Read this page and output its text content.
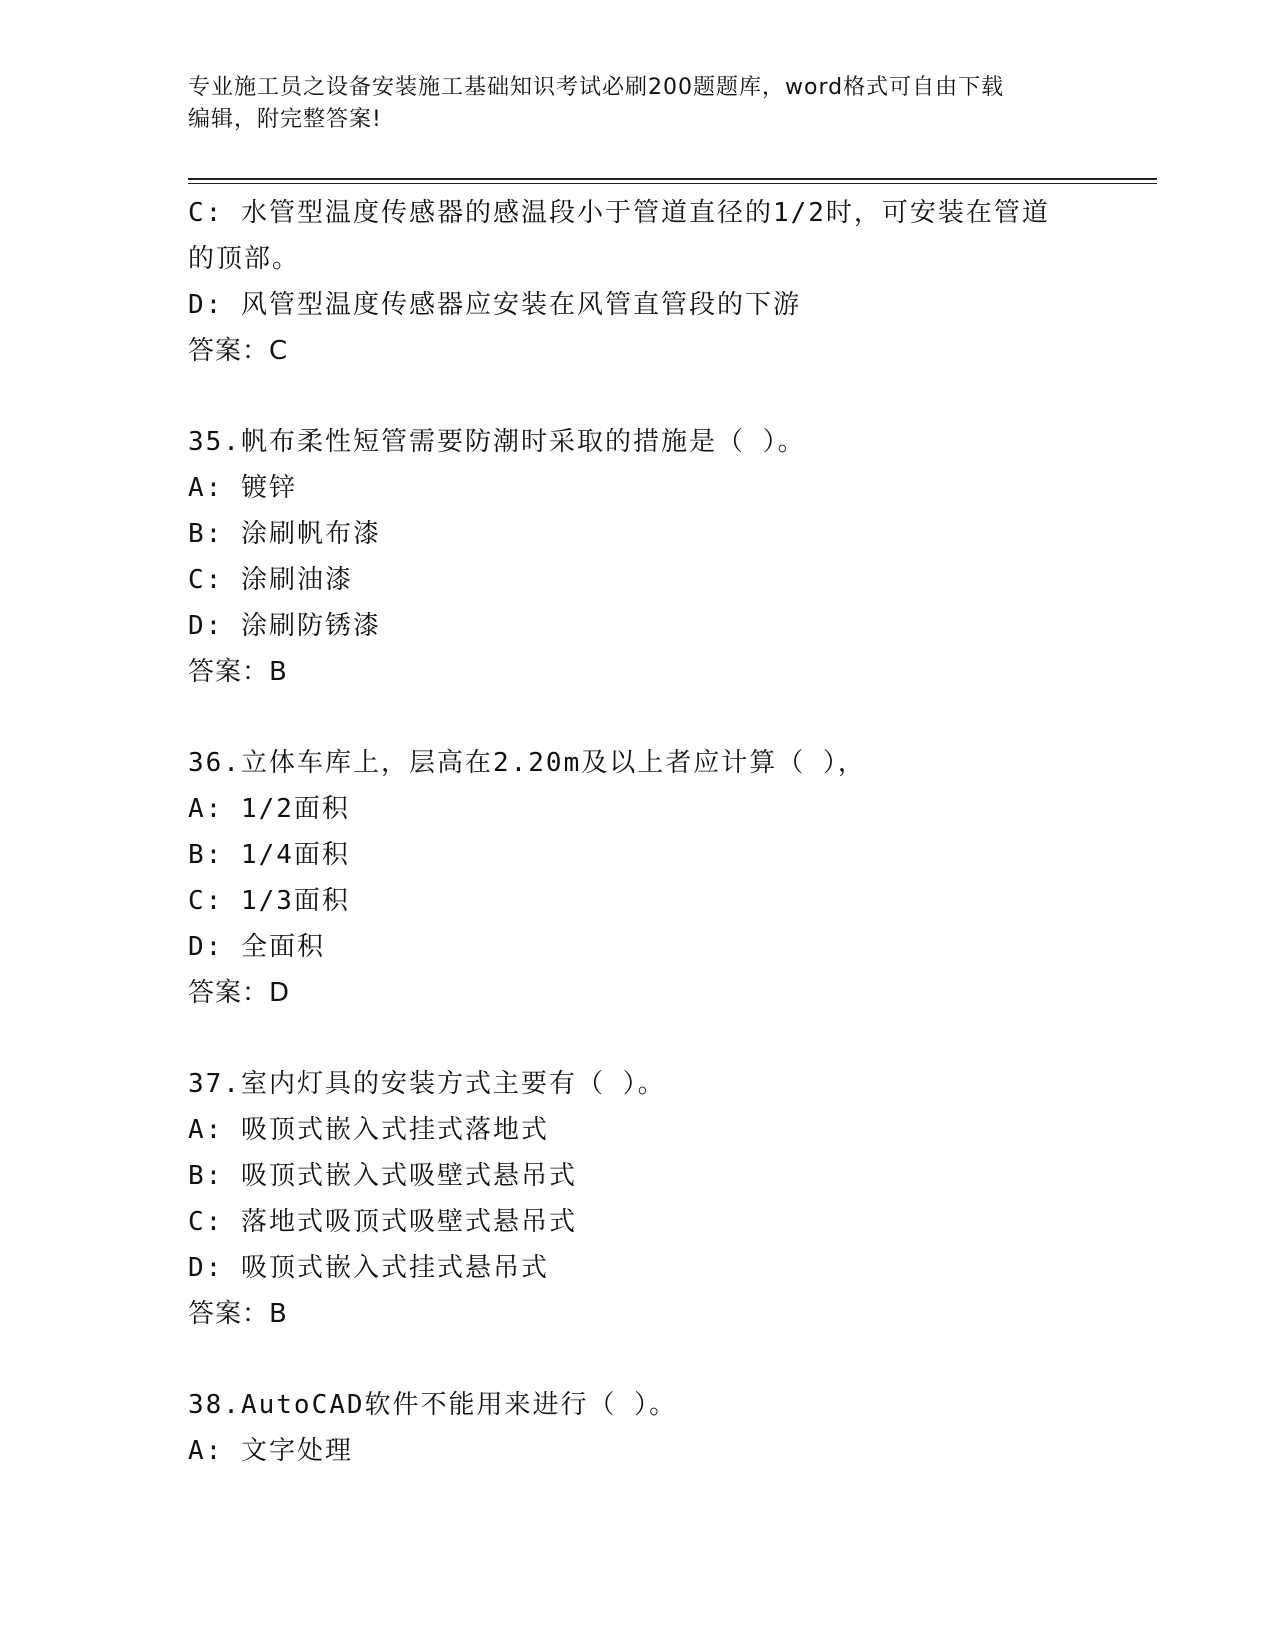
专业施工员之设备安装施工基础知识考试必刷200题题库，word格式可自由下载
编辑，附完整答案!
C: 水管型温度传感器的感温段小于管道直径的1/2时，可安装在管道
的顶部。
D: 风管型温度传感器应安装在风管直管段的下游
答案：C
35.帆布柔性短管需要防潮时采取的措施是（ ）。
A: 镀锌
B: 涂刷帆布漆
C: 涂刷油漆
D: 涂刷防锈漆
答案：B
36.立体车库上，层高在2.20m及以上者应计算（ ），
A: 1/2面积
B: 1/4面积
C: 1/3面积
D: 全面积
答案：D
37.室内灯具的安装方式主要有（ ）。
A: 吸顶式嵌入式挂式落地式
B: 吸顶式嵌入式吸壁式悬吊式
C: 落地式吸顶式吸壁式悬吊式
D: 吸顶式嵌入式挂式悬吊式
答案：B
38.AutoCAD软件不能用来进行（ ）。
A: 文字处理
